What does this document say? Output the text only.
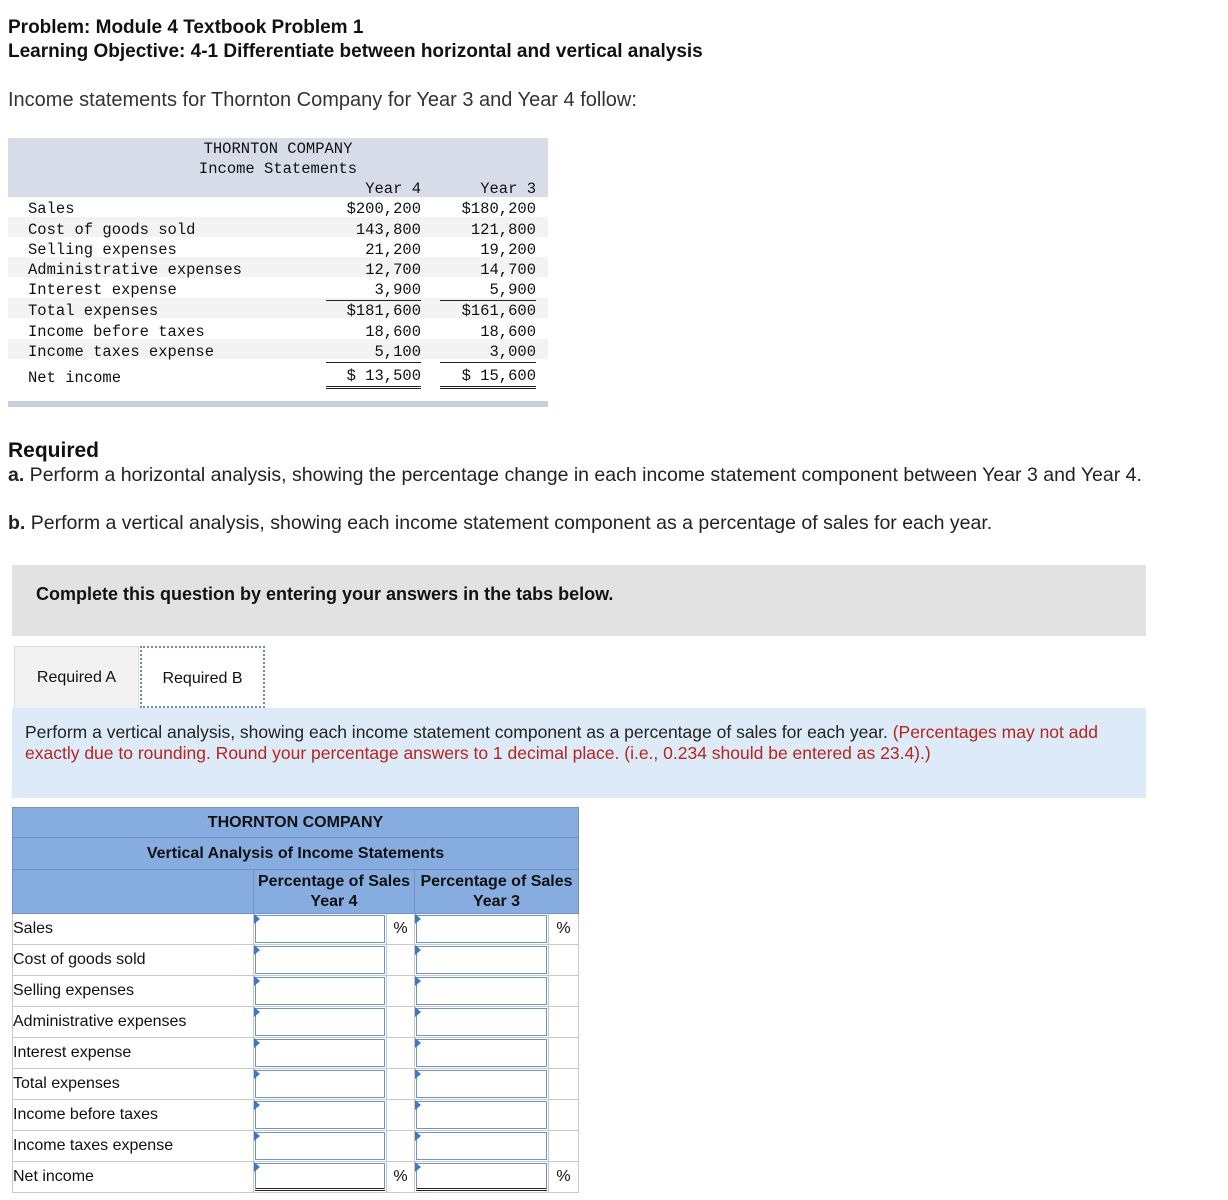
Problem: Module 4 Textbook Problem 1
Learning Objective: 4-1 Differentiate between horizontal and vertical analysis
Income statements for Thornton Company for Year 3 and Year 4 follow:
THORNTON COMPANY
Income Statements
Year 4	Year 3
Sales	$200,200	$180,200
Cost of goods sold	143,800	121,800
Selling expenses	21,200	19,200
Administrative expenses	12,700	14,700
Interest expense	3,900	5,900
Total expenses	$181,600	$161,600
Income before taxes	18,600	18,600
Income taxes expense	5,100	3,000
Net income	$ 13,500	$ 15,600
Required
a. Perform a horizontal analysis, showing the percentage change in each income statement component between Year 3 and Year 4.
b. Perform a vertical analysis, showing each income statement component as a percentage of sales for each year.
Complete this question by entering your answers in the tabs below.
Required A	Required B
Perform a vertical analysis, showing each income statement component as a percentage of sales for each year. (Percentages may not add exactly due to rounding. Round your percentage answers to 1 decimal place. (i.e., 0.234 should be entered as 23.4).)
THORNTON COMPANY				
Vertical Analysis of Income Statements				
	Percentage of Sales Year 4		Percentage of Sales Year 3	
Sales		%		%
Cost of goods sold	

Selling expenses	

Administrative expenses	

Interest expense	

Total expenses	

Income before taxes	

Income taxes expense	

Net income		%		%
